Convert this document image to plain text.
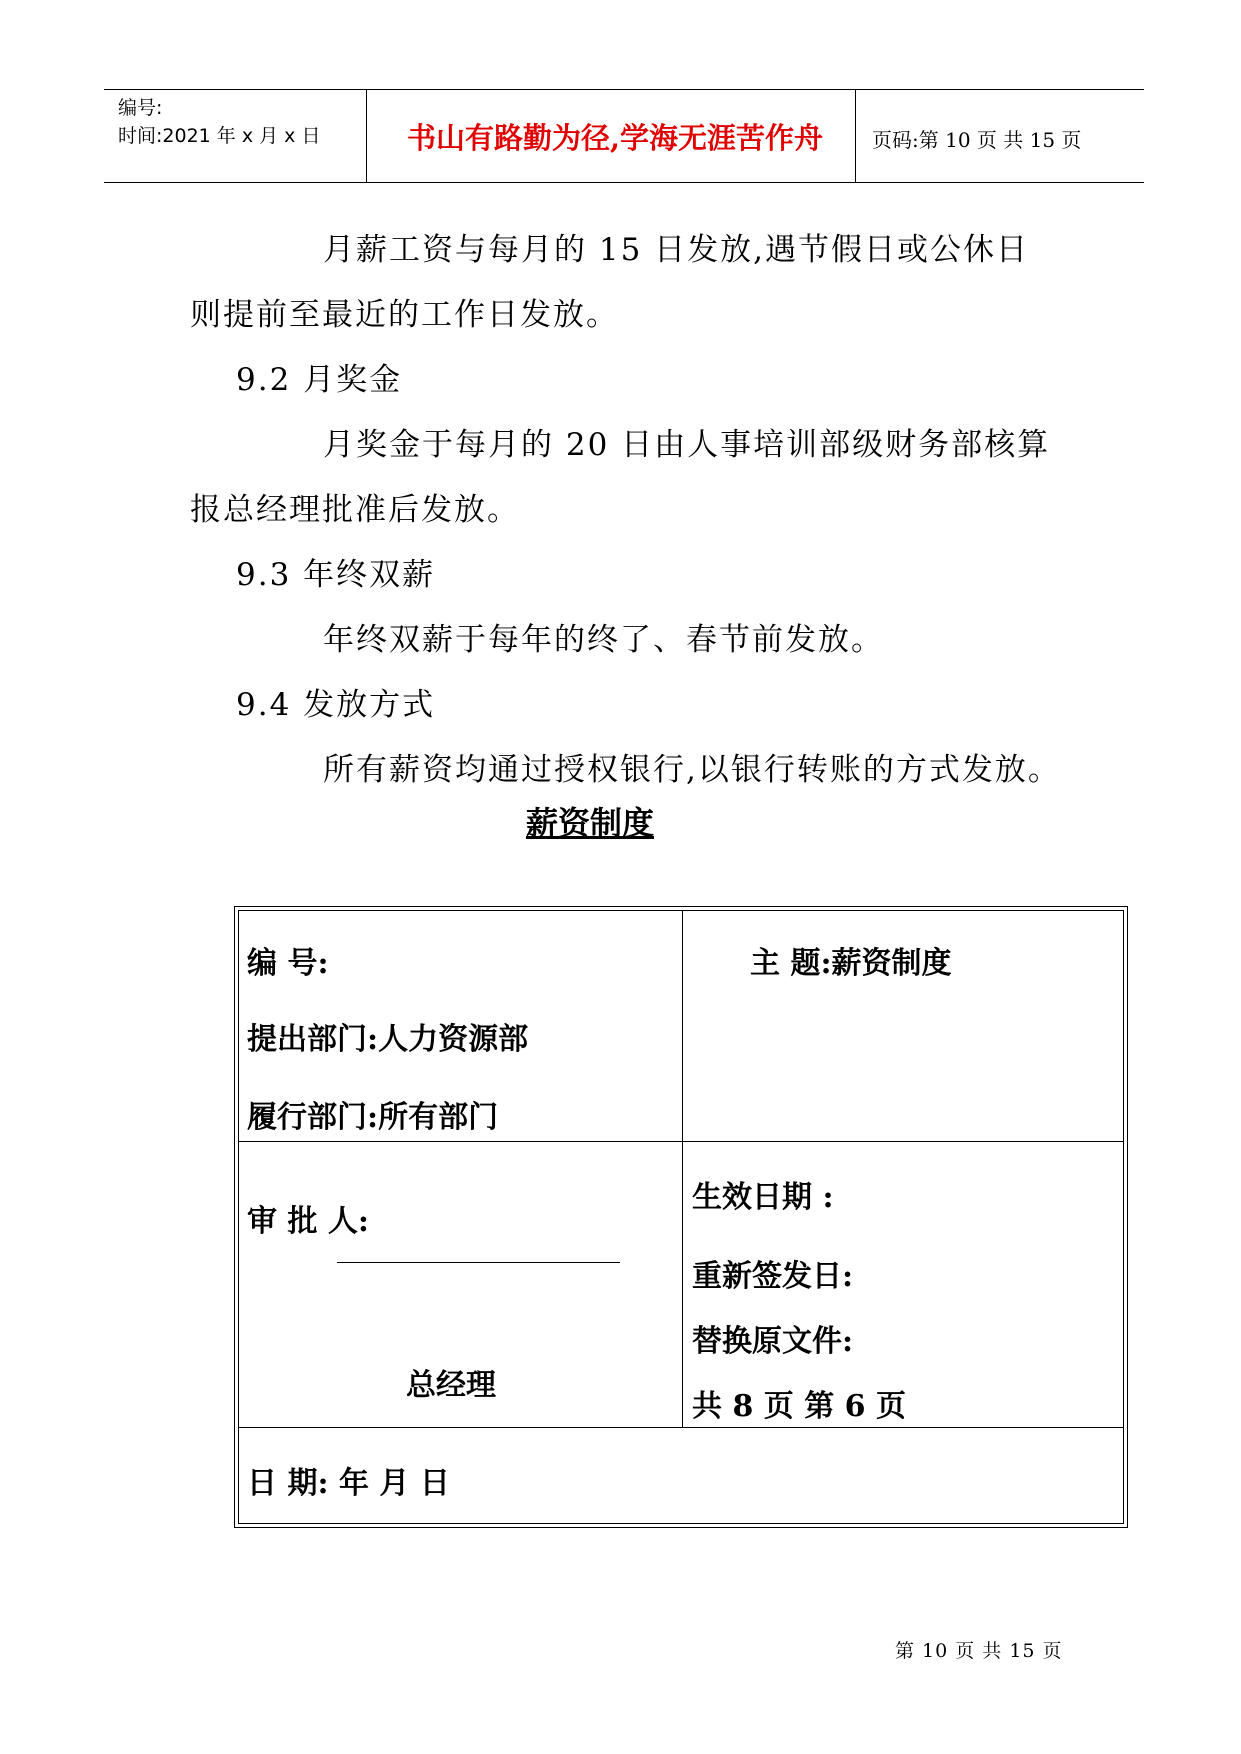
编号:
时间:2021 年 x 月 x 日	书山有路勤为径,学海无涯苦作舟	页码:第 10 页 共 15 页
月薪工资与每月的 15 日发放,遇节假日或公休日
则提前至最近的工作日发放。
9.2 月奖金
月奖金于每月的 20 日由人事培训部级财务部核算
报总经理批准后发放。
9.3 年终双薪
年终双薪于每年的终了、春节前发放。
9.4 发放方式
所有薪资均通过授权银行,以银行转账的方式发放。
薪资制度
编 号:
提出部门:人力资源部
履行部门:所有部门
主 题:薪资制度
审 批 人:
总经理
生效日期 :
重新签发日:
替换原文件:
共 8 页 第 6 页
日 期: 年 月 日
第 10 页 共 15 页
